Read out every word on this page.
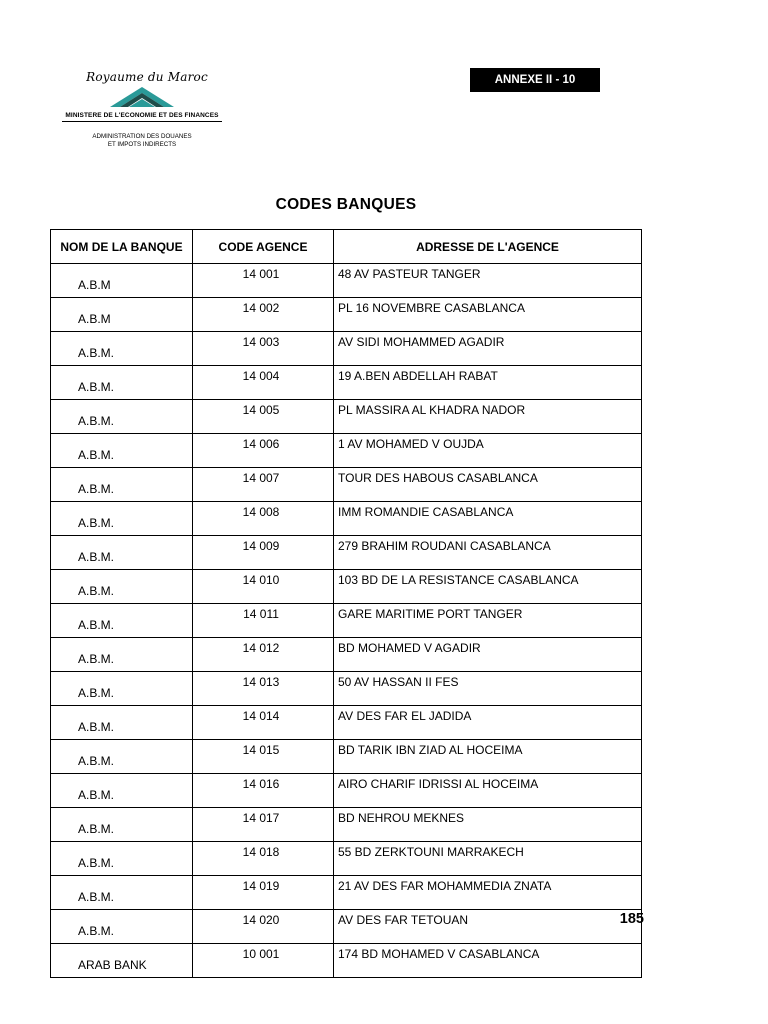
Royaume du Maroc
MINISTERE DE L'ECONOMIE ET DES FINANCES
ADMINISTRATION DES DOUANES
ET IMPOTS INDIRECTS
ANNEXE II - 10
CODES BANQUES
NOM DE LA BANQUE	CODE AGENCE	ADRESSE DE L'AGENCE
A.B.M	14 001	48 AV PASTEUR TANGER
A.B.M	14 002	PL 16 NOVEMBRE CASABLANCA
A.B.M.	14 003	AV SIDI MOHAMMED AGADIR
A.B.M.	14 004	19 A.BEN ABDELLAH RABAT
A.B.M.	14 005	PL MASSIRA AL KHADRA NADOR
A.B.M.	14 006	1 AV MOHAMED V OUJDA
A.B.M.	14 007	TOUR DES HABOUS CASABLANCA
A.B.M.	14 008	IMM ROMANDIE CASABLANCA
A.B.M.	14 009	279 BRAHIM ROUDANI CASABLANCA
A.B.M.	14 010	103 BD DE LA RESISTANCE CASABLANCA
A.B.M.	14 011	GARE MARITIME PORT TANGER
A.B.M.	14 012	BD MOHAMED V AGADIR
A.B.M.	14 013	50 AV HASSAN II FES
A.B.M.	14 014	AV DES FAR EL JADIDA
A.B.M.	14 015	BD TARIK IBN ZIAD AL HOCEIMA
A.B.M.	14 016	AIRO CHARIF IDRISSI AL HOCEIMA
A.B.M.	14 017	BD NEHROU MEKNES
A.B.M.	14 018	55 BD ZERKTOUNI MARRAKECH
A.B.M.	14 019	21 AV DES FAR MOHAMMEDIA ZNATA
A.B.M.	14 020	AV DES FAR TETOUAN
ARAB BANK	10 001	174 BD MOHAMED V CASABLANCA
185
